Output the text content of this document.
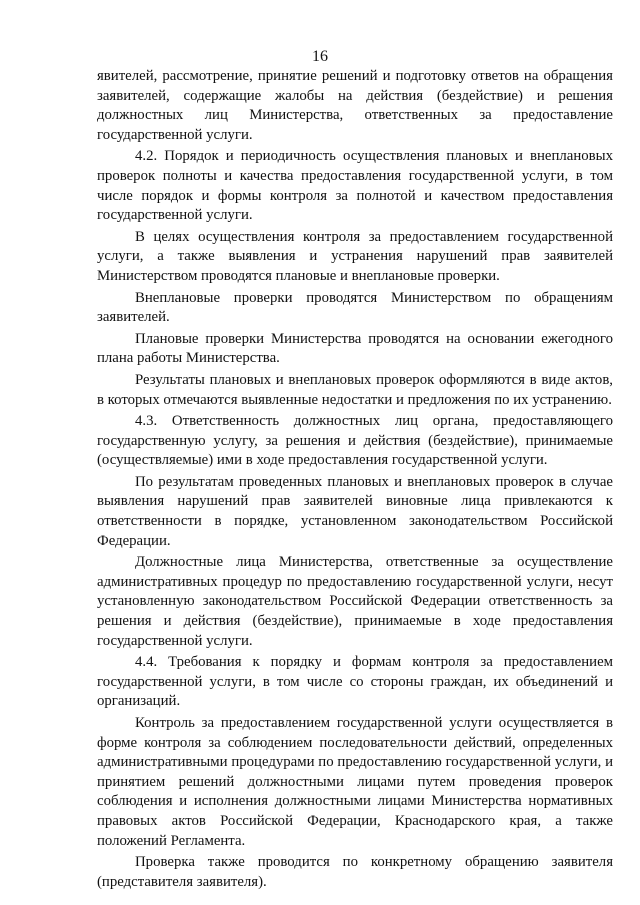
16

явителей, рассмотрение, принятие решений и подготовку ответов на обращения заявителей, содержащие жалобы на действия (бездействие) и решения должностных лиц Министерства, ответственных за предоставление государственной услуги.

4.2. Порядок и периодичность осуществления плановых и внеплановых проверок полноты и качества предоставления государственной услуги, в том числе порядок и формы контроля за полнотой и качеством предоставления государственной услуги.

В целях осуществления контроля за предоставлением государственной услуги, а также выявления и устранения нарушений прав заявителей Министерством проводятся плановые и внеплановые проверки.

Внеплановые проверки проводятся Министерством по обращениям заявителей.

Плановые проверки Министерства проводятся на основании ежегодного плана работы Министерства.

Результаты плановых и внеплановых проверок оформляются в виде актов, в которых отмечаются выявленные недостатки и предложения по их устранению.

4.3. Ответственность должностных лиц органа, предоставляющего государственную услугу, за решения и действия (бездействие), принимаемые (осуществляемые) ими в ходе предоставления государственной услуги.

По результатам проведенных плановых и внеплановых проверок в случае выявления нарушений прав заявителей виновные лица привлекаются к ответственности в порядке, установленном законодательством Российской Федерации.

Должностные лица Министерства, ответственные за осуществление административных процедур по предоставлению государственной услуги, несут установленную законодательством Российской Федерации ответственность за решения и действия (бездействие), принимаемые в ходе предоставления государственной услуги.

4.4. Требования к порядку и формам контроля за предоставлением государственной услуги, в том числе со стороны граждан, их объединений и организаций.

Контроль за предоставлением государственной услуги осуществляется в форме контроля за соблюдением последовательности действий, определенных административными процедурами по предоставлению государственной услуги, и принятием решений должностными лицами путем проведения проверок соблюдения и исполнения должностными лицами Министерства нормативных правовых актов Российской Федерации, Краснодарского края, а также положений Регламента.

Проверка также проводится по конкретному обращению заявителя (представителя заявителя).
